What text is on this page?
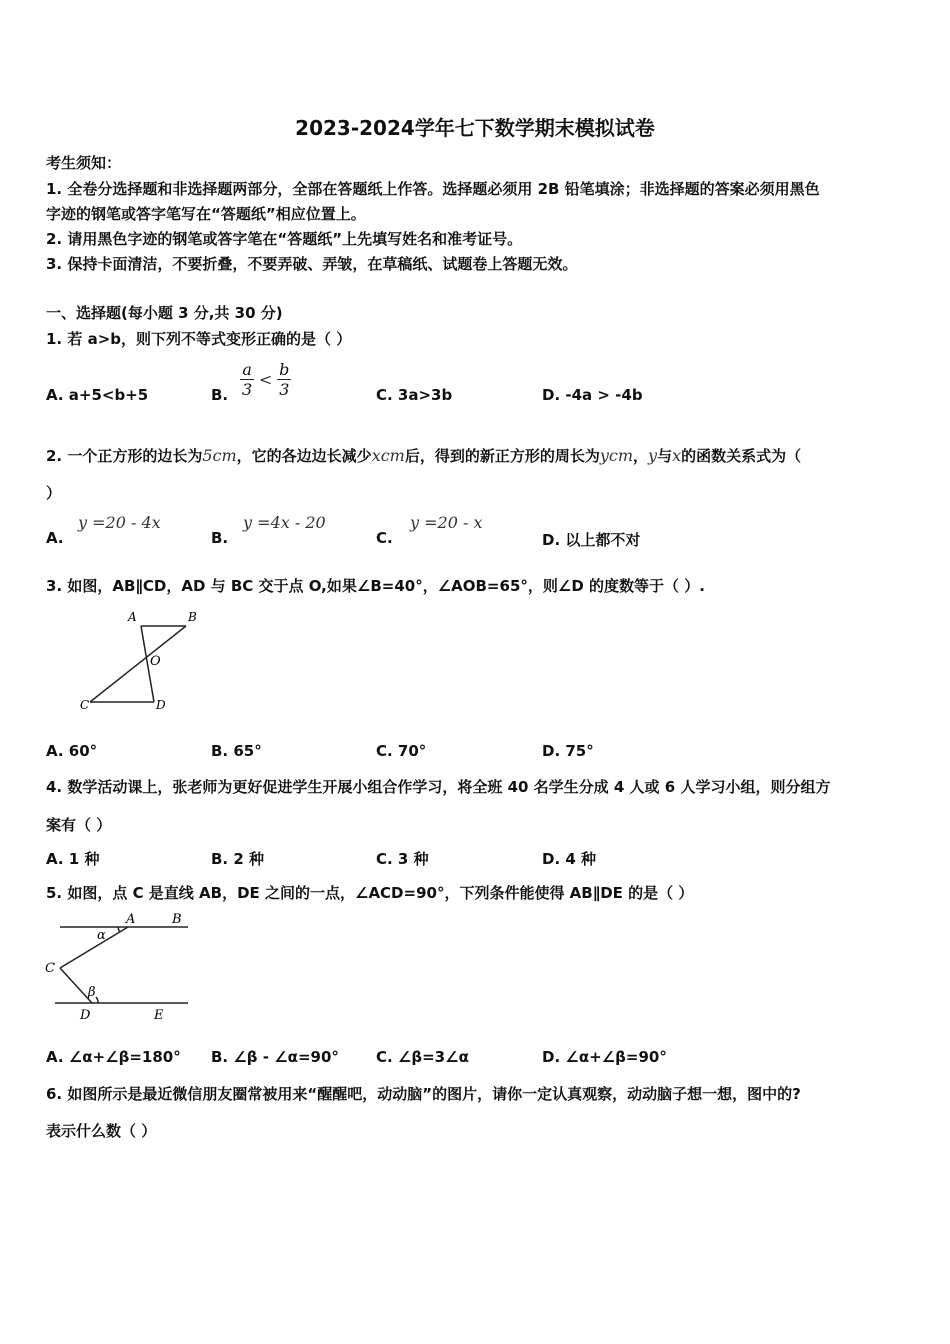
2023-2024学年七下数学期末模拟试卷
考生须知：
1. 全卷分选择题和非选择题两部分，全部在答题纸上作答。选择题必须用 2B 铅笔填涂；非选择题的答案必须用黑色
字迹的钢笔或答字笔写在“答题纸”相应位置上。
2. 请用黑色字迹的钢笔或答字笔在“答题纸”上先填写姓名和准考证号。
3. 保持卡面清洁，不要折叠，不要弄破、弄皱，在草稿纸、试题卷上答题无效。
一、选择题(每小题 3 分,共 30 分)
1. 若 a>b，则下列不等式变形正确的是（ ）
A. a+5<b+5	B. $\frac{a}{3} < \frac{b}{3}$	C. 3a>3b	D. -4a > -4b
2. 一个正方形的边长为5cm，它的各边边长减少xcm后，得到的新正方形的周长为ycm，y与x的函数关系式为（
）
A.
y =20 - 4x
B.
y =4x - 20
C.
y =20 - x
D. 以上都不对
3. 如图，AB∥CD，AD 与 BC 交于点 O,如果∠B=40°，∠AOB=65°，则∠D 的度数等于（ ）.
A	B
O
C	D
A. 60°	B. 65°	C. 70°	D. 75°
4. 数学活动课上，张老师为更好促进学生开展小组合作学习，将全班 40 名学生分成 4 人或 6 人学习小组，则分组方
案有（ ）
A. 1 种	B. 2 种	C. 3 种	D. 4 种
5. 如图，点 C 是直线 AB，DE 之间的一点，∠ACD=90°，下列条件能使得 AB∥DE 的是（ ）
A	B
α
C
β
D	E
A. ∠α+∠β=180° B. ∠β - ∠α=90° C. ∠β=3∠α	D. ∠α+∠β=90°
6. 如图所示是最近微信朋友圈常被用来“醒醒吧，动动脑”的图片，请你一定认真观察，动动脑子想一想，图中的?
表示什么数（ ）
